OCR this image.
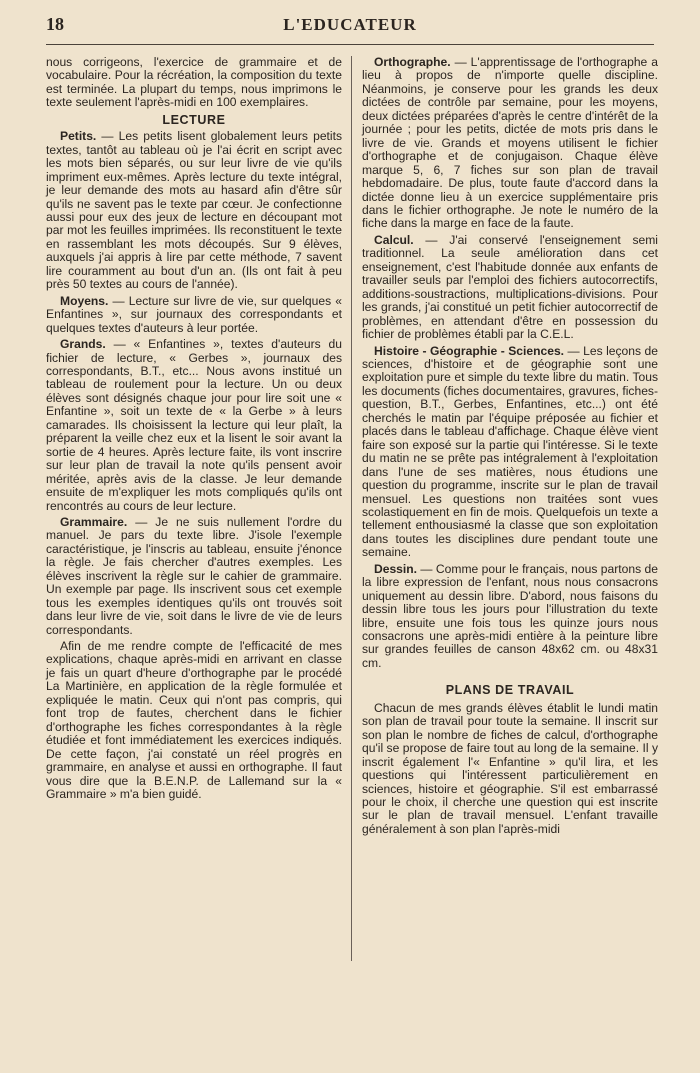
18	L'EDUCATEUR

nous corrigeons, l'exercice de grammaire et de vocabulaire. Pour la récréation, la composition du texte est terminée. La plupart du temps, nous imprimons le texte seulement l'après-midi en 100 exemplaires.

LECTURE

Petits. — Les petits lisent globalement leurs petits textes, tantôt au tableau où je l'ai écrit en script avec les mots bien séparés, ou sur leur livre de vie qu'ils impriment eux-mêmes. Après lecture du texte intégral, je leur demande des mots au hasard afin d'être sûr qu'ils ne savent pas le texte par cœur. Je confectionne aussi pour eux des jeux de lecture en découpant mot par mot les feuilles imprimées. Ils reconstituent le texte en rassemblant les mots découpés. Sur 9 élèves, auxquels j'ai appris à lire par cette méthode, 7 savent lire couramment au bout d'un an. (Ils ont fait à peu près 50 textes au cours de l'année).

Moyens. — Lecture sur livre de vie, sur quelques « Enfantines », sur journaux des correspondants et quelques textes d'auteurs à leur portée.

Grands. — « Enfantines », textes d'auteurs du fichier de lecture, « Gerbes », journaux des correspondants, B.T., etc... Nous avons institué un tableau de roulement pour la lecture. Un ou deux élèves sont désignés chaque jour pour lire soit une « Enfantine », soit un texte de « la Gerbe » à leurs camarades. Ils choisissent la lecture qui leur plaît, la préparent la veille chez eux et la lisent le soir avant la sortie de 4 heures. Après lecture faite, ils vont inscrire sur leur plan de travail la note qu'ils pensent avoir méritée, après avis de la classe. Je leur demande ensuite de m'expliquer les mots compliqués qu'ils ont rencontrés au cours de leur lecture.

Grammaire. — Je ne suis nullement l'ordre du manuel. Je pars du texte libre. J'isole l'exemple caractéristique, je l'inscris au tableau, ensuite j'énonce la règle. Je fais chercher d'autres exemples. Les élèves inscrivent la règle sur le cahier de grammaire. Un exemple par page. Ils inscrivent sous cet exemple tous les exemples identiques qu'ils ont trouvés soit dans leur livre de vie, soit dans le livre de vie de leurs correspondants.

Afin de me rendre compte de l'efficacité de mes explications, chaque après-midi en arrivant en classe je fais un quart d'heure d'orthographe par le procédé La Martinière, en application de la règle formulée et expliquée le matin. Ceux qui n'ont pas compris, qui font trop de fautes, cherchent dans le fichier d'orthographe les fiches correspondantes à la règle étudiée et font immédiatement les exercices indiqués. De cette façon, j'ai constaté un réel progrès en grammaire, en analyse et aussi en orthographe. Il faut vous dire que la B.E.N.P. de Lallemand sur la « Grammaire » m'a bien guidé.

Orthographe. — L'apprentissage de l'orthographe a lieu à propos de n'importe quelle discipline. Néanmoins, je conserve pour les grands les deux dictées de contrôle par semaine, pour les moyens, deux dictées préparées d'après le centre d'intérêt de la journée ; pour les petits, dictée de mots pris dans le livre de vie. Grands et moyens utilisent le fichier d'orthographe et de conjugaison. Chaque élève marque 5, 6, 7 fiches sur son plan de travail hebdomadaire. De plus, toute faute d'accord dans la dictée donne lieu à un exercice supplémentaire pris dans le fichier orthographe. Je note le numéro de la fiche dans la marge en face de la faute.

Calcul. — J'ai conservé l'enseignement semi traditionnel. La seule amélioration dans cet enseignement, c'est l'habitude donnée aux enfants de travailler seuls par l'emploi des fichiers autocorrectifs, additions-soustractions, multiplications-divisions. Pour les grands, j'ai constitué un petit fichier autocorrectif de problèmes, en attendant d'être en possession du fichier de problèmes établi par la C.E.L.

Histoire - Géographie - Sciences. — Les leçons de sciences, d'histoire et de géographie sont une exploitation pure et simple du texte libre du matin. Tous les documents (fiches documentaires, gravures, fiches-question, B.T., Gerbes, Enfantines, etc...) ont été cherchés le matin par l'équipe préposée au fichier et placés dans le tableau d'affichage. Chaque élève vient faire son exposé sur la partie qui l'intéresse. Si le texte du matin ne se prête pas intégralement à l'exploitation dans l'une de ses matières, nous étudions une question du programme, inscrite sur le plan de travail mensuel. Les questions non traitées sont vues scolastiquement en fin de mois. Quelquefois un texte a tellement enthousiasmé la classe que son exploitation dans toutes les disciplines dure pendant toute une semaine.

Dessin. — Comme pour le français, nous partons de la libre expression de l'enfant, nous nous consacrons uniquement au dessin libre. D'abord, nous faisons du dessin libre tous les jours pour l'illustration du texte libre, ensuite une fois tous les quinze jours nous consacrons une après-midi entière à la peinture libre sur grandes feuilles de canson 48x62 cm. ou 48x31 cm.

PLANS DE TRAVAIL

Chacun de mes grands élèves établit le lundi matin son plan de travail pour toute la semaine. Il inscrit sur son plan le nombre de fiches de calcul, d'orthographe qu'il se propose de faire tout au long de la semaine. Il y inscrit également l'« Enfantine » qu'il lira, et les questions qui l'intéressent particulièrement en sciences, histoire et géographie. S'il est embarrassé pour le choix, il cherche une question qui est inscrite sur le plan de travail mensuel. L'enfant travaille généralement à son plan l'après-midi
